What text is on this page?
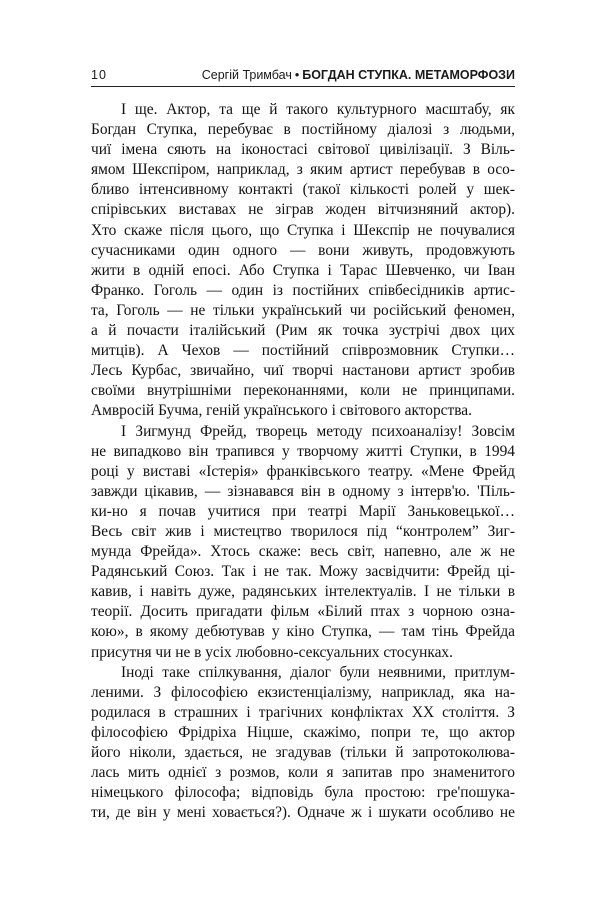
10	Сергій Тримбач • БОГДАН СТУПКА. МЕТАМОРФОЗИ

І ще. Актор, та ще й такого культурного масштабу, як
Богдан Ступка, перебуває в постійному діалозі з людьми,
чиї імена сяють на іконостасі світової цивілізації. З Віль-
ямом Шекспіром, наприклад, з яким артист перебував в осо-
бливо інтенсивному контакті (такої кількості ролей у шек-
спірівських виставах не зіграв жоден вітчизняний актор).
Хто скаже після цього, що Ступка і Шекспір не почувалися
сучасниками один одного — вони живуть, продовжують
жити в одній епосі. Або Ступка і Тарас Шевченко, чи Іван
Франко. Гоголь — один із постійних співбесідників артис-
та, Гоголь — не тільки український чи російський феномен,
а й почасти італійський (Рим як точка зустрічі двох цих
митців). А Чехов — постійний співрозмовник Ступки…
Лесь Курбас, звичайно, чиї творчі настанови артист зробив
своїми внутрішніми переконаннями, коли не принципами.
Амвросій Бучма, геній українського і світового акторства.

І Зигмунд Фрейд, творець методу психоаналізу! Зовсім
не випадково він трапився у творчому житті Ступки, в 1994
році у виставі «Істерія» франківського театру. «Мене Фрейд
завжди цікавив, — зізнавався він в одному з інтерв'ю. 'Піль-
ки-но я почав учитися при театрі Марії Заньковецької…
Весь світ жив і мистецтво творилося під “контролем” Зиг-
мунда Фрейда». Хтось скаже: весь світ, напевно, але ж не
Радянський Союз. Так і не так. Можу засвідчити: Фрейд ці-
кавив, і навіть дуже, радянських інтелектуалів. І не тільки в
теорії. Досить пригадати фільм «Білий птах з чорною озна-
кою», в якому дебютував у кіно Ступка, — там тінь Фрейда
присутня чи не в усіх любовно-сексуальних стосунках.

Іноді таке спілкування, діалог були неявними, притлум-
леними. З філософією екзистенціалізму, наприклад, яка на-
родилася в страшних і трагічних конфліктах XX століття. З
філософією Фрідріха Ніцше, скажімо, попри те, що актор
його ніколи, здається, не згадував (тільки й запротоколюва-
лась мить однієї з розмов, коли я запитав про знаменитого
німецького філософа; відповідь була простою: гре'пошука-
ти, де він у мені ховається?). Одначе ж і шукати особливо не
